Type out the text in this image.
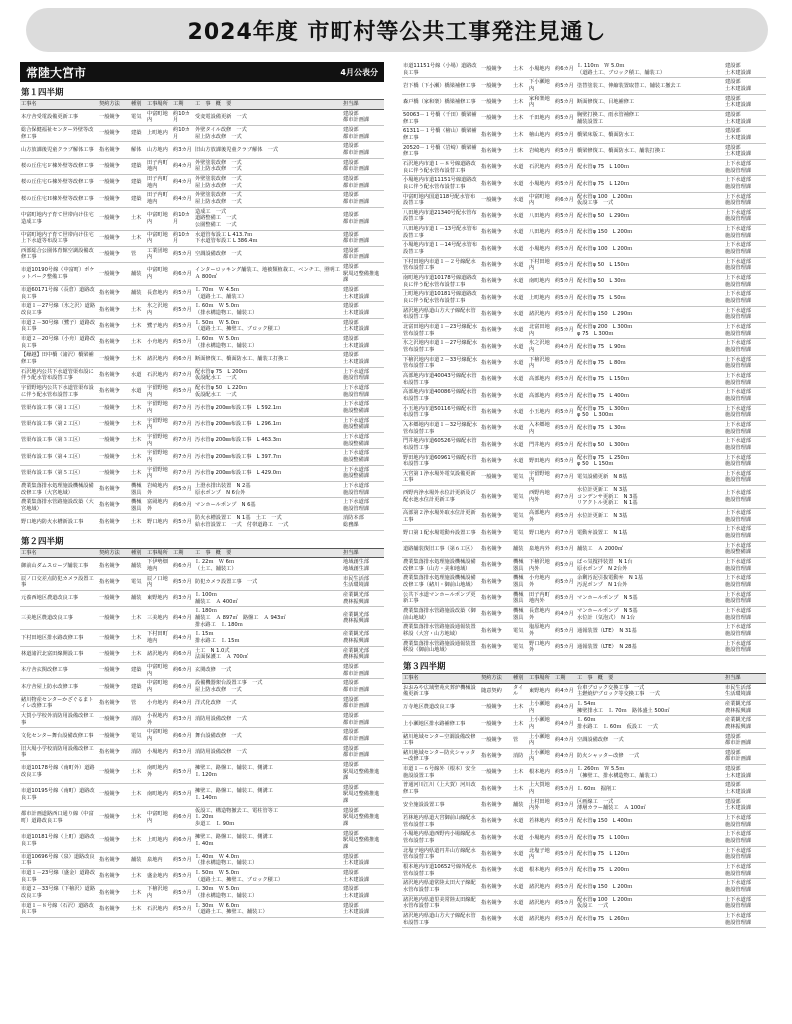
2024年度 市町村等公共工事発注見通し
常陸大宮市	4月公表分
第１四半期
工事名	契約方法	種別	工事場所	工期	工　事　概　要	担当課
本庁舎受電設備更新工事	一般競争	電気	中富町地内	約10カ月	受変電設備更新　一式	建設部
都市計画課
総合保健福祉センター外壁等改修工事	一般競争	建築	上町地内	約10カ月	外壁タイル改修　一式
屋上防水改修　一式	建設部
都市計画課
山方放課後児童クラブ解体工事	指名競争	解体	山方地内	約3カ月	旧山方放課後児童クラブ解体　一式	建設部
都市計画課
桜の丘住宅Ｆ棟外壁等改修工事	一般競争	建築	田子内町地内	約4カ月	外壁塗装改修　一式
屋上防水改修　一式	建設部
都市計画課
桜の丘住宅Ｇ棟外壁等改修工事	一般競争	建築	田子内町地内	約4カ月	外壁塗装改修　一式
屋上防水改修　一式	建設部
都市計画課
桜の丘住宅Ｈ棟外壁等改修工事	一般競争	建築	田子内町地内	約4カ月	外壁塗装改修　一式
屋上防水改修　一式	建設部
都市計画課
中富町地内子育て世帯向け住宅造成工事	一般競争	土木	中富町地内	約10カ月	造成工　一式
道路整備工　一式
公園整備工　一式	建設部
都市計画課
中富町地内子育て世帯向け住宅上下水道等布設工事	一般競争	土木	中富町地内	約10カ月	水道管布設工 L 413.7ｍ
下水道管布設工 L 386.4ｍ	建設部
都市計画課
西部総合公園体育館空調設備改修工事	一般競争	管	工業団地内	約5カ月	空調設備改修　一式	建設部
都市計画課
市道10190号線（中富町）ポケットパーク整備工事	一般競争	舗装	中富町地内	約6カ月	インターロッキング舗装工、地被類植栽工、ベンチ工、照明工　Ａ 800㎡	建設部
駅周辺整備推進課
市道60171号線（長倉）道路改良工事	指名競争	舗装	長倉地内	約5カ月	Ｌ 70ｍ　Ｗ 4.5ｍ
（道路土工、舗装工）	建設部
土木建設課
市道１－27号線（氷之沢）道路改良工事	指名競争	土木	氷之沢地内	約5カ月	Ｌ 60ｍ　Ｗ 5.0ｍ
（排水構造物工、舗装工）	建設部
土木建設課
市道２－30号線（鷺子）道路改良工事	指名競争	土木	鷺子地内	約5カ月	Ｌ 50ｍ　Ｗ 5.0ｍ
（道路土工、擁壁工、ブロック積工）	建設部
土木建設課
市道２－20号線（小舟）道路改良工事	指名競争	土木	小舟地内	約5カ月	Ｌ 60ｍ　Ｗ 5.0ｍ
（排水構造物工、舗装工）	建設部
土木建設課
【繰越】田中橋（諸沢）橋梁補修工事	一般競争	土木	諸沢地内	約6カ月	断面修復工、橋面防水工、舗装工打換工	建設部
土木建設課
石沢地内公共下水道管渠布設に伴う配水管布設替工事	指名競争	水道	石沢地内	約7カ月	配水管φ 75　L 200ｍ
仮設配水工　一式	上下水道部
施設管理課
宇留野地内公共下水道管渠布設に伴う配水管布設替工事	指名競争	水道	宇留野地内	約5カ月	配水管φ 50　L 220ｍ
仮設配水工　一式	上下水道部
施設管理課
管渠布設工事（第１工区）	一般競争	土木	宇留野地内	約7カ月	汚水管φ 200㎜布設工事　L 592.1ｍ	上下水道部
施設整備課
管渠布設工事（第２工区）	一般競争	土木	宇留野地内	約7カ月	汚水管φ 200㎜布設工事　L 296.1ｍ	上下水道部
施設整備課
管渠布設工事（第３工区）	一般競争	土木	宇留野地内	約7カ月	汚水管φ 200㎜布設工事　L 463.3ｍ	上下水道部
施設整備課
管渠布設工事（第４工区）	一般競争	土木	宇留野地内	約7カ月	汚水管φ 200㎜布設工事　L 397.7ｍ	上下水道部
施設整備課
管渠布設工事（第５工区）	一般競争	土木	宇留野地内	約7カ月	汚水管φ 200㎜布設工事　L 429.0ｍ	上下水道部
施設整備課
農業集落排水処理施設機械設備改修工事（大宮地域）	指名競争	機械器具	岩崎地内外	約5カ月	上澄水排出装置　N 2基
原水ポンプ　N 6台外	上下水道部
施設管理課
農業集落排水管路施設改築（大宮地域）	指名競争	機械器具	富岡地内外	約6カ月	マンホールポンプ　N 6基	上下水道部
施設管理課
野口地内防火水槽新設工事	指名競争	土木	野口地内	約5カ月	防火水槽設置工　N 1基　土工　一式
給水管設置工　一式　付帯道路工　一式	消防本部
総務課
第２四半期
工事名	契約方法	種別	工事場所	工期	工　事　概　要	担当課
御前山ダムスロープ舗装工事	指名競争	舗装	下伊勢畑地内	約6カ月	Ｌ 22ｍ　Ｗ 6ｍ
（土工、舗装工）	地域創生部
地域創生課
辰ノ口交差点防犯カメラ設置工事	指名競争	電気	辰ノ口地内	約5カ月	防犯カメラ設置工事　一式	市民生活部
生活環境課
元養西地区農道改良工事	一般競争	舗装	東野地内	約3カ月	Ｌ 100ｍ
舗装工　Ａ 400㎡	産業観光部
農林振興課
三美地区農道改良工事	一般競争	土木	三美地内	約4カ月	Ｌ 180ｍ
舗装工　Ａ 897㎡　路盤工　Ａ 943㎡
排水路工　Ｌ 180ｍ	産業観光部
農林振興課
下村田地区排水路改修工事	一般競争	土木	下村田町地内	約4カ月	Ｌ 15ｍ
排水路工　Ｌ 15ｍ	産業観光部
農林振興課
林道諸沢北富田線開設工事	一般競争	土木	諸沢地内	約6カ月	土工　N 1.0式
法面保護工　Ａ 700㎡	産業観光部
農林振興課
本庁舎玄関改修工事	一般競争	建築	中富町地内	約6カ月	玄関改修　一式	建設部
都市計画課
本庁舎屋上防水改修工事	一般競争	建築	中富町地内	約6カ月	設備機器架台設置工事　一式
屋上防水改修　一式	建設部
都市計画課
緒川物産センターかざぐるまトイレ改修工事	指名競争	管	小舟地内	約4カ月	洋式化改修　一式	建設部
都市計画課
大賀小学校外消防用設備改修工事	一般競争	消防	小祝地内外	約3カ月	消防用設備改修　一式	建設部
都市計画課
文化センター舞台設備改修工事	一般競争	電気	中富町地内	約6カ月	舞台設備改修　一式	建設部
都市計画課
旧大場小学校消防用設備改修工事	指名競争	消防	小場地内	約3カ月	消防用設備改修　一式	建設部
都市計画課
市道10178号線（南町外）道路改良工事	一般競争	土木	南町地内外	約5カ月	擁壁工、路盤工、舗装工、側溝工
Ｌ 120ｍ	建設部
駅周辺整備推進課
市道10195号線（南町）道路改良工事	一般競争	土木	南町地内	約5カ月	擁壁工、路盤工、舗装工、側溝工
Ｌ 140ｍ	建設部
駅周辺整備推進課
都市計画道路西口通り線（中富町）道路改良工事	一般競争	土木	中富町地内	約6カ月	仮設工、構造物撤去工、電柱管等工
Ｌ 20ｍ
歩道工　Ｌ 90ｍ	建設部
駅周辺整備推進課
市道10181号線（上町）道路改良工事	一般競争	土木	上町地内	約6カ月	擁壁工、路盤工、舗装工、側溝工
Ｌ 40ｍ	建設部
駅周辺整備推進課
市道10696号線（泉）道路改良工事	指名競争	舗装	泉地内	約5カ月	Ｌ 40ｍ　Ｗ 4.0ｍ
（排水構造物工、舗装工）	建設部
土木建設課
市道１－23号線（盛金）道路改良工事	指名競争	土木	盛金地内	約5カ月	Ｌ 50ｍ　Ｗ 5.0ｍ
（道路土工、擁壁工、ブロック積工）	建設部
土木建設課
市道２－33号線（下檜沢）道路改良工事	指名競争	土木	下檜沢地内	約5カ月	Ｌ 30ｍ　Ｗ 5.0ｍ
（排水構造物工、舗装工）	建設部
土木建設課
市道１－８号線（石沢）道路改良工事	指名競争	土木	石沢地内	約5カ月	Ｌ 30ｍ　Ｗ 6.0ｍ
（道路土工、擁壁工、舗装工）	建設部
土木建設課
市道11151号線（小場）道路改良工事	一般競争	土木	小場地内	約6カ月	Ｌ 110ｍ　Ｗ 5.0ｍ
（道路土工、ブロック積工、舗装工）	建設部
土木建設課
岩下橋（下小瀬）橋梁補修工事	一般競争	土木	下小瀬地内	約5カ月	塗替塗装工、伸縮装置取替工、舗装工撤去工	建設部
土木建設課
森戸橋（家和楽）橋梁補修工事	一般競争	土木	家和楽地内	約5カ月	断面修復工、目地補修工	建設部
土木建設課
50063－１号橋（千田）橋梁補修工事	一般競争	土木	千田地内	約5カ月	胸壁打換工、雨水管補修工
舗装設置工	建設部
土木建設課
61311－１号橋（檜山）橋梁補修工事	指名競争	土木	檜山地内	約5カ月	橋梁床版工、橋面防水工	建設部
土木建設課
20520－１号橋（岩崎）橋梁補修工事	指名競争	土木	岩崎地内	約5カ月	橋梁修復工、橋面防水工、舗装打換工	建設部
土木建設課
石沢地内市道１－８号線道路改良に伴う配水管布設替工事	指名競争	水道	石沢地内	約5カ月	配水管φ 75　L 100ｍ	上下水道部
施設管理課
小場地内市道11151号線道路改良に伴う配水管布設替工事	指名競争	水道	小場地内	約5カ月	配水管φ 75　L 120ｍ	上下水道部
施設管理課
中富町地内国道118号配水管布設替工事	一般競争	水道	中富町地内	約6カ月	配水管φ 100　L 200ｍ
仮設工事　一式	上下水道部
施設管理課
八田地内市道21340号配水管布設替工事	指名競争	水道	八田地内	約5カ月	配水管φ 50　L 290ｍ	上下水道部
施設管理課
八田地内市道１－13号配水管布設替工事	指名競争	水道	八田地内	約5カ月	配水管φ 150　L 200ｍ	上下水道部
施設管理課
小場地内市道１－14号配水管布設替工事	指名競争	水道	小場地内	約5カ月	配水管φ 100　L 200ｍ	上下水道部
施設管理課
下村田地内市道１－２号線配水管布設替工事	指名競争	水道	下村田地内	約5カ月	配水管φ 50　L 150ｍ	上下水道部
施設管理課
南町地内市道10178号線道路改良に伴う配水管布設替工事	指名競争	水道	南町地内	約5カ月	配水管φ 50　L 30ｍ	上下水道部
施設管理課
上町地内市道10181号線道路改良に伴う配水管布設替工事	指名競争	水道	上町地内	約5カ月	配水管φ 75　L 50ｍ	上下水道部
施設管理課
諸沢地内県道山方大子線配水管布設替工事	指名競争	水道	諸沢地内	約5カ月	配水管φ 150　L 290ｍ	上下水道部
施設管理課
北富田地内市道１－23号線配水管布設替工事	指名競争	水道	北富田地内	約5カ月	配水管φ 200　L 300ｍ
φ 75　L 300ｍ	上下水道部
施設管理課
氷之沢地内市道１－27号線配水管布設替工事	指名競争	水道	氷之沢地内	約4カ月	配水管φ 75　L 90ｍ	上下水道部
施設管理課
下檜沢地内市道２－33号線配水管布設替工事	指名競争	水道	下檜沢地内	約5カ月	配水管φ 75　L 80ｍ	上下水道部
施設管理課
高部地内市道40043号線配水管布設替工事	指名競争	水道	高部地内	約5カ月	配水管φ 75　L 150ｍ	上下水道部
施設管理課
高部地内市道40086号線配水管布設替工事	指名競争	水道	高部地内	約5カ月	配水管φ 75　L 400ｍ	上下水道部
施設管理課
小玉地内市道50116号線配水管布設替工事	指名競争	水道	小玉地内	約5カ月	配水管φ 75　L 300ｍ
φ 50　L 300ｍ	上下水道部
施設管理課
入本郷地内市道１－32号線配水管布設替工事	指名競争	水道	入本郷地内	約5カ月	配水管φ 75　L 30ｍ	上下水道部
施設管理課
門井地内市道60526号線配水管布設替工事	指名競争	水道	門井地内	約5カ月	配水管φ 50　L 300ｍ	上下水道部
施設管理課
野田地内市道60961号線配水管布設替工事	指名競争	水道	野田地内	約5カ月	配水管φ 75　L 250ｍ
φ 50　L 150ｍ	上下水道部
施設管理課
大宮第１浄水場外電気設備更新工事	一般競争	電気	宇留野地内	約7カ月	電気設備更新　N 8基	上下水道部
施設管理課
西野内浄水場外水位計更新及び配水池水位計更新工事	指名競争	電気	西野内地内外	約7カ月	水位計更新工　N 3基
コンデンサ更新工　N 3基
リアクトル更新工　N 1基	上下水道部
施設管理課
高部第２浄水場外取水位計更新工事	指名競争	電気	高部地内外	約5カ月	水位計更新工　N 3基	上下水道部
施設管理課
野口第１配水場電動弁設置工事	指名競争	電気	野口地内	約7カ月	電動弁設置工　N 1基	上下水道部
施設管理課
道路舗装復旧工事（第６工区）	指名競争	舗装	泉地内外	約3カ月	舗装工　Ａ 2000㎡	上下水道部
施設整備課
農業集落排水処理施設機械設備改修工事（山方・美和地域）	指名競争	機械器具	下檜沢地内外	約5カ月	ばっ気撹拌装置　N 1台
原水ポンプ　N 2台外	上下水道部
施設管理課
農業集落排水処理施設機械設備改修工事（緒川・御前山地域）	指名競争	機械器具	小舟地内外	約5カ月	余剰汚泥引抜電動弁　N 1基
汚泥ポンプ　N 1台外	上下水道部
施設管理課
公共下水道マンホールポンプ更新工事	指名競争	機械器具	田子内町地内外	約5カ月	マンホールポンプ　N 5基	上下水道部
施設管理課
農業集落排水管路施設改築（御前山地域）	指名競争	機械器具	長倉地内外	約4カ月	マンホールポンプ　N 5基
水位計（気泡式）　N 1台	上下水道部
施設管理課
農業集落排水管路施設通報装置移設（大宮・山方地域）	指名競争	電気	塩原地内外	約5カ月	通報装置（LTE）　N 31基	上下水道部
施設管理課
農業集落排水管路施設通報装置移設（御前山地域）	指名競争	電気	野口地内外	約5カ月	通報装置（LTE）　N 28基	上下水道部
施設管理課
第３四半期
工事名	契約方法	種別	工事場所	工期	工　事　概　要	担当課
おおみや広域聖苑火葬炉機械設備更新工事	随意契約	タイル	東野地内	約4カ月	台車ブロック交換工事　一式
主燃焼炉ブロック等交換工事　一式	市民生活部
生活環境課
万寺地区農道改良工事	一般競争	土木	上小瀬地内	約4カ月	Ｌ 54ｍ
擁壁排水工　Ｌ 70ｍ　路体盛土 500㎡	産業観光部
農林振興課
上小瀬地区排水路補修工事	一般競争	土木	上小瀬地内	約4カ月	Ｌ 60ｍ
排水路工　Ｌ 60ｍ　仮設工　一式	産業観光部
農林振興課
緒川地域センター空調設備改修工事	一般競争	管	上小瀬地内	約4カ月	空調設備改修　一式	建設部
都市計画課
緒川地域センター防火シャッター改修工事	指名競争	消防	上小瀬地内	約4カ月	防火シャッター改修　一式	建設部
都市計画課
市道１－６号線外（根本）安全施設設置工事	一般競争	土木	根本地内	約5カ月	Ｌ 260ｍ　Ｗ 5.5ｍ
（擁壁工、排水構造物工、舗装工）	建設部
土木建設課
普通河川江川（上大賀）河川改修工事	指名競争	土木	上大賀地内	約5カ月	Ｌ 60ｍ　掘削工	建設部
土木建設課
安全施設設置工事	指名競争	舗装	上村田地内外	約3カ月	区画線工　一式
薄層カラー舗装工　Ａ 100㎡	建設部
土木建設課
若林地内県道大宮御前山線配水管布設替工事	指名競争	水道	若林地内	約5カ月	配水管φ 150　L 400ｍ	上下水道部
施設管理課
小場地内県道西野内小場線配水管布設替工事	指名競争	水道	小場地内	約5カ月	配水管φ 75　L 100ｍ	上下水道部
施設管理課
北塩子地内県道円井山方線配水管布設替工事	指名競争	水道	北塩子地内	約5カ月	配水管φ 75　L 120ｍ	上下水道部
施設管理課
根本地内市道10652号線外配水管布設替工事	指名競争	水道	根本地内	約5カ月	配水管φ 75　L 200ｍ	上下水道部
施設管理課
諸沢地内県道常陸太田大子線配水管布設替工事	指名競争	水道	諸沢地内	約5カ月	配水管φ 150　L 200ｍ	上下水道部
施設管理課
諸沢地内県道里美常陸太田線配水管布設替工事	指名競争	水道	諸沢地内	約5カ月	配水管φ 100　L 200ｍ
仮設工　一式	上下水道部
施設管理課
諸沢地内県道山方大子線配水管布設替工事	指名競争	水道	諸沢地内	約5カ月	配水管φ 75　L 260ｍ	上下水道部
施設管理課
